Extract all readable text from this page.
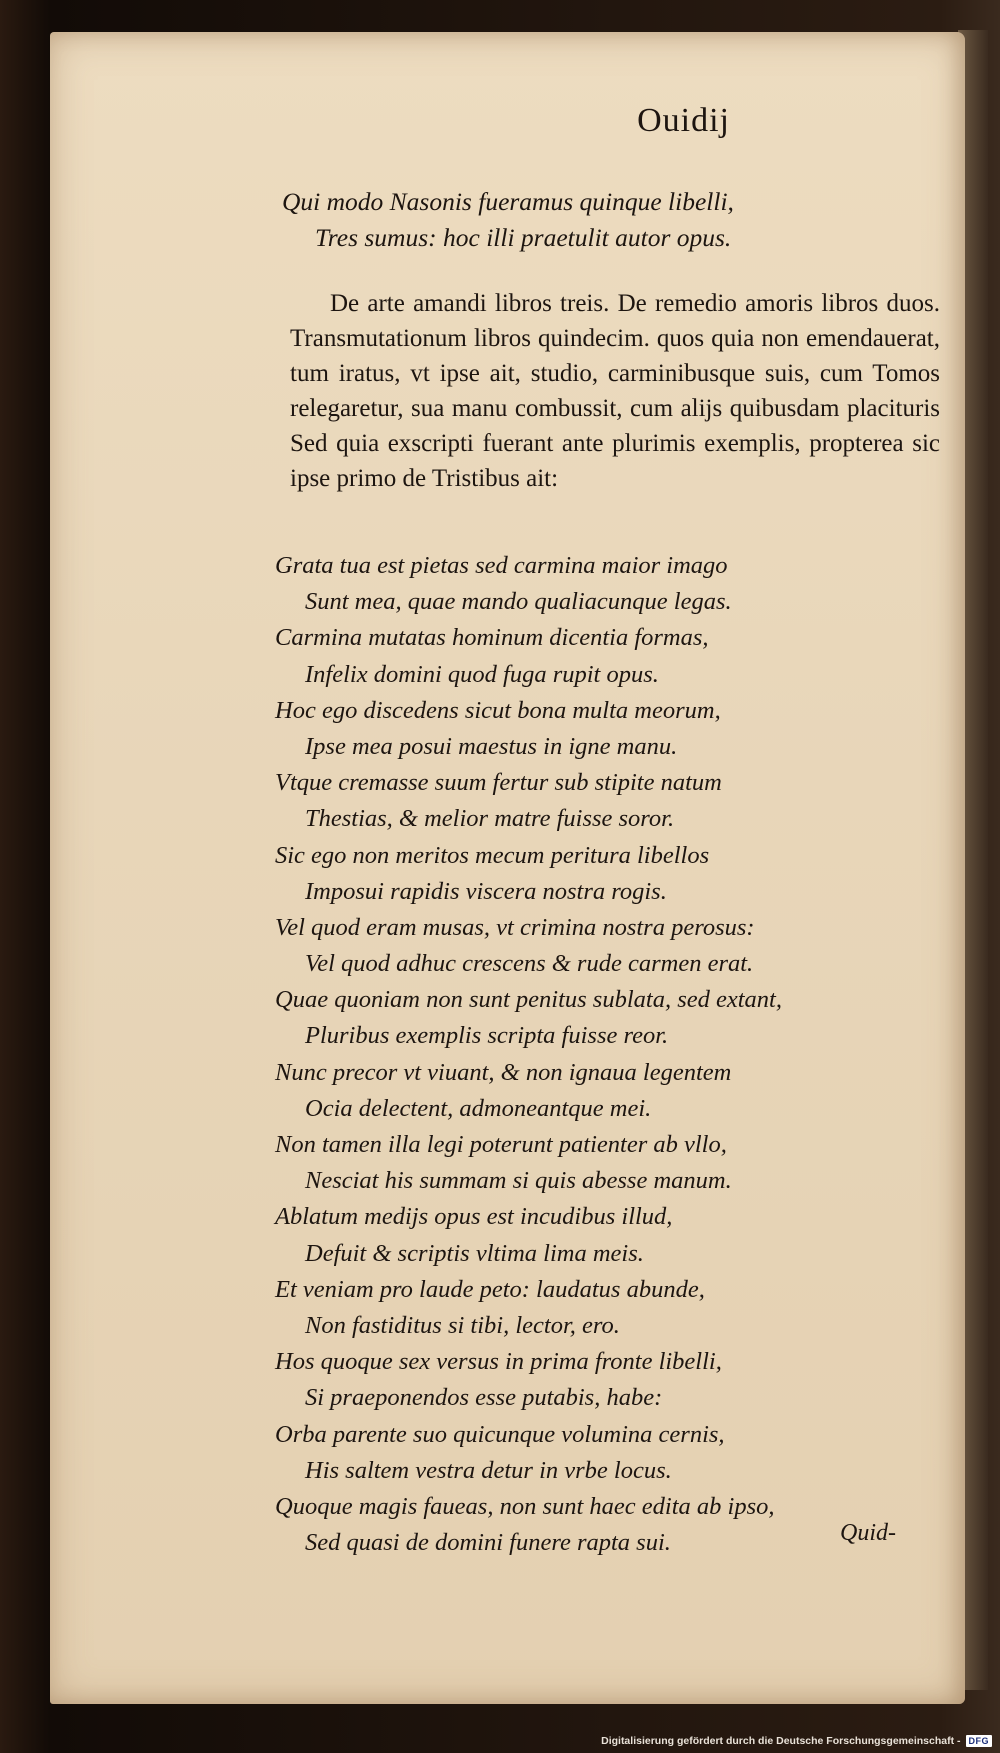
Ouidij
Qui modo Nasonis fueramus quinque libelli,
Tres sumus: hoc illi praetulit autor opus.
De arte amandi libros treis. De remedio amoris libros duos. Transmutationum libros quindecim. quos quia non emendauerat, tum iratus, vt ipse ait, studio, carminibusque suis, cum Tomos relegaretur, sua manu combussit, cum alijs quibusdam placituris Sed quia exscripti fuerant ante plurimis exemplis, propterea sic ipse primo de Tristibus ait:
Grata tua est pietas sed carmina maior imago
Sunt mea, quae mando qualiacunque legas.
Carmina mutatas hominum dicentia formas,
Infelix domini quod fuga rupit opus.
Hoc ego discedens sicut bona multa meorum,
Ipse mea posui maestus in igne manu.
Vtque cremasse suum fertur sub stipite natum
Thestias, & melior matre fuisse soror.
Sic ego non meritos mecum peritura libellos
Imposui rapidis viscera nostra rogis.
Vel quod eram musas, vt crimina nostra perosus:
Vel quod adhuc crescens & rude carmen erat.
Quae quoniam non sunt penitus sublata, sed extant,
Pluribus exemplis scripta fuisse reor.
Nunc precor vt viuant, & non ignaua legentem
Ocia delectent, admoneantque mei.
Non tamen illa legi poterunt patienter ab vllo,
Nesciat his summam si quis abesse manum.
Ablatum medijs opus est incudibus illud,
Defuit & scriptis vltima lima meis.
Et veniam pro laude peto: laudatus abunde,
Non fastiditus si tibi, lector, ero.
Hos quoque sex versus in prima fronte libelli,
Si praeponendos esse putabis, habe:
Orba parente suo quicunque volumina cernis,
His saltem vestra detur in vrbe locus.
Quoque magis faueas, non sunt haec edita ab ipso,
Sed quasi de domini funere rapta sui.	Quid-
Digitalisierung gefördert durch die Deutsche Forschungsgemeinschaft - DFG
